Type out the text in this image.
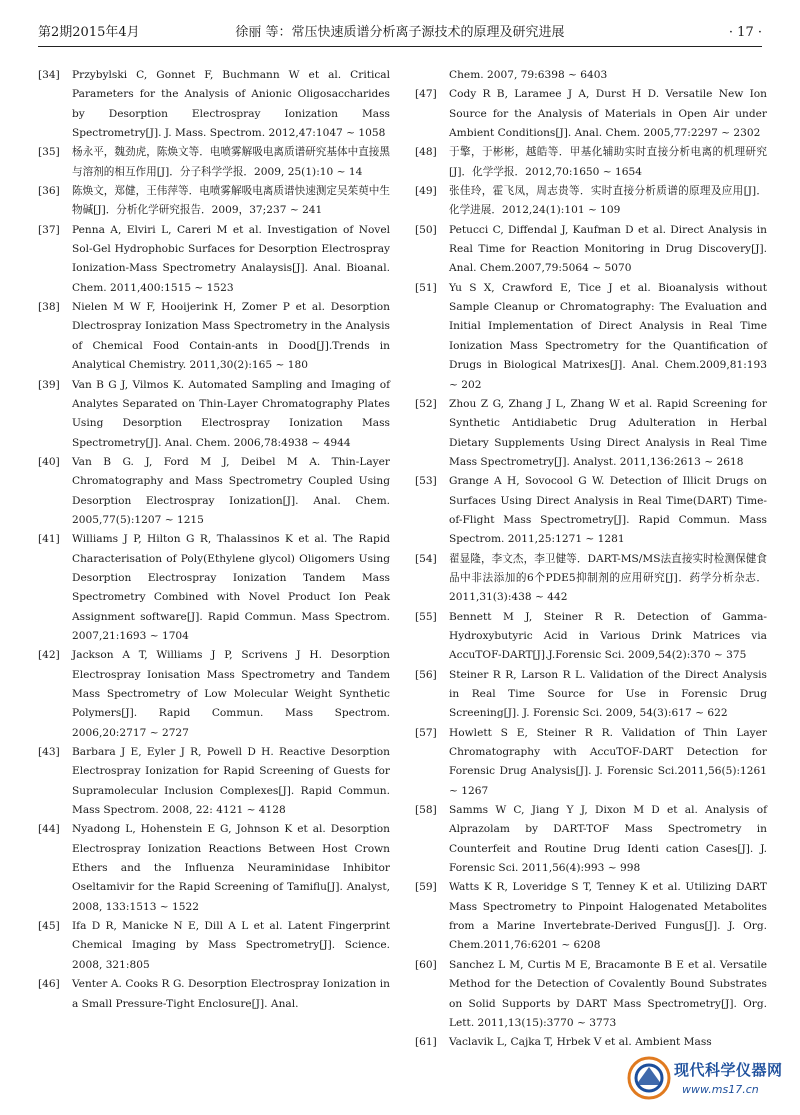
第2期2015年4月	徐丽 等：常压快速质谱分析离子源技术的原理及研究进展	· 17 ·
[34] Przybylski C, Gonnet F, Buchmann W et al. Critical Parameters for the Analysis of Anionic Oligosaccharides by Desorption Electrospray Ionization Mass Spectrometry[J]. J. Mass. Spectrom. 2012,47:1047 ~ 1058
[35] 杨永平，魏劲虎，陈焕文等．电喷雾解吸电离质谱研究基体中直接黑与溶剂的相互作用[J]．分子科学学报．2009, 25(1):10 ~ 14
[36] 陈焕文，郑健，王伟萍等．电喷雾解吸电离质谱快速测定吴茱萸中生物碱[J]．分析化学研究报告．2009，37;237 ~ 241
[37] Penna A, Elviri L, Careri M et al. Investigation of Novel Sol-Gel Hydrophobic Surfaces for Desorption Electrospray Ionization-Mass Spectrometry Analaysis[J]. Anal. Bioanal. Chem. 2011,400:1515 ~ 1523
[38] Nielen M W F, Hooijerink H, Zomer P et al. Desorption Dlectrospray Ionization Mass Spectrometry in the Analysis of Chemical Food Contain-ants in Dood[J].Trends in Analytical Chemistry. 2011,30(2):165 ~ 180
[39] Van B G J, Vilmos K. Automated Sampling and Imaging of Analytes Separated on Thin-Layer Chromatography Plates Using Desorption Electrospray Ionization Mass Spectrometry[J]. Anal. Chem. 2006,78:4938 ~ 4944
[40] Van B G. J, Ford M J, Deibel M A. Thin-Layer Chromatography and Mass Spectrometry Coupled Using Desorption Electrospray Ionization[J]. Anal. Chem. 2005,77(5):1207 ~ 1215
[41] Williams J P, Hilton G R, Thalassinos K et al. The Rapid Characterisation of Poly(Ethylene glycol) Oligomers Using Desorption Electrospray Ionization Tandem Mass Spectrometry Combined with Novel Product Ion Peak Assignment software[J]. Rapid Commun. Mass Spectrom. 2007,21:1693 ~ 1704
[42] Jackson A T, Williams J P, Scrivens J H. Desorption Electrospray Ionisation Mass Spectrometry and Tandem Mass Spectrometry of Low Molecular Weight Synthetic Polymers[J]. Rapid Commun. Mass Spectrom. 2006,20:2717 ~ 2727
[43] Barbara J E, Eyler J R, Powell D H. Reactive Desorption Electrospray Ionization for Rapid Screening of Guests for Supramolecular Inclusion Complexes[J]. Rapid Commun. Mass Spectrom. 2008, 22: 4121 ~ 4128
[44] Nyadong L, Hohenstein E G, Johnson K et al. Desorption Electrospray Ionization Reactions Between Host Crown Ethers and the Influenza Neuraminidase Inhibitor Oseltamivir for the Rapid Screening of Tamiflu[J]. Analyst, 2008, 133:1513 ~ 1522
[45] Ifa D R, Manicke N E, Dill A L et al. Latent Fingerprint Chemical Imaging by Mass Spectrometry[J]. Science. 2008, 321:805
[46] Venter A. Cooks R G. Desorption Electrospray Ionization in a Small Pressure-Tight Enclosure[J]. Anal.
Chem. 2007, 79:6398 ~ 6403
[47] Cody R B, Laramee J A, Durst H D. Versatile New Ion Source for the Analysis of Materials in Open Air under Ambient Conditions[J]. Anal. Chem. 2005,77:2297 ~ 2302
[48] 于擎，于彬彬，越皓等．甲基化辅助实时直接分析电离的机理研究[J]．化学学报．2012,70:1650 ~ 1654
[49] 张佳玲，霍飞凤，周志贵等．实时直接分析质谱的原理及应用[J]．化学进展．2012,24(1):101 ~ 109
[50] Petucci C, Diffendal J, Kaufman D et al. Direct Analysis in Real Time for Reaction Monitoring in Drug Discovery[J]. Anal. Chem.2007,79:5064 ~ 5070
[51] Yu S X, Crawford E, Tice J et al. Bioanalysis without Sample Cleanup or Chromatography: The Evaluation and Initial Implementation of Direct Analysis in Real Time Ionization Mass Spectrometry for the Quantification of Drugs in Biological Matrixes[J]. Anal. Chem.2009,81:193 ~ 202
[52] Zhou Z G, Zhang J L, Zhang W et al. Rapid Screening for Synthetic Antidiabetic Drug Adulteration in Herbal Dietary Supplements Using Direct Analysis in Real Time Mass Spectrometry[J]. Analyst. 2011,136:2613 ~ 2618
[53] Grange A H, Sovocool G W. Detection of Illicit Drugs on Surfaces Using Direct Analysis in Real Time(DART) Time-of-Flight Mass Spectrometry[J]. Rapid Commun. Mass Spectrom. 2011,25:1271 ~ 1281
[54] 翟显隆，李文杰，李卫健等．DART-MS/MS法直接实时检测保健食品中非法添加的6个PDE5抑制剂的应用研究[J]．药学分析杂志．2011,31(3):438 ~ 442
[55] Bennett M J, Steiner R R. Detection of Gamma-Hydroxybutyric Acid in Various Drink Matrices via AccuTOF-DART[J].J.Forensic Sci. 2009,54(2):370 ~ 375
[56] Steiner R R, Larson R L. Validation of the Direct Analysis in Real Time Source for Use in Forensic Drug Screening[J]. J. Forensic Sci. 2009, 54(3):617 ~ 622
[57] Howlett S E, Steiner R R. Validation of Thin Layer Chromatography with AccuTOF-DART Detection for Forensic Drug Analysis[J]. J. Forensic Sci.2011,56(5):1261 ~ 1267
[58] Samms W C, Jiang Y J, Dixon M D et al. Analysis of Alprazolam by DART-TOF Mass Spectrometry in Counterfeit and Routine Drug Identi cation Cases[J]. J. Forensic Sci. 2011,56(4):993 ~ 998
[59] Watts K R, Loveridge S T, Tenney K et al. Utilizing DART Mass Spectrometry to Pinpoint Halogenated Metabolites from a Marine Invertebrate-Derived Fungus[J]. J. Org. Chem.2011,76:6201 ~ 6208
[60] Sanchez L M, Curtis M E, Bracamonte B E et al. Versatile Method for the Detection of Covalently Bound Substrates on Solid Supports by DART Mass Spectrometry[J]. Org. Lett. 2011,13(15):3770 ~ 3773
[61] Vaclavik L, Cajka T, Hrbek V et al. Ambient Mass
现代科学仪器网
www.ms17.cn
